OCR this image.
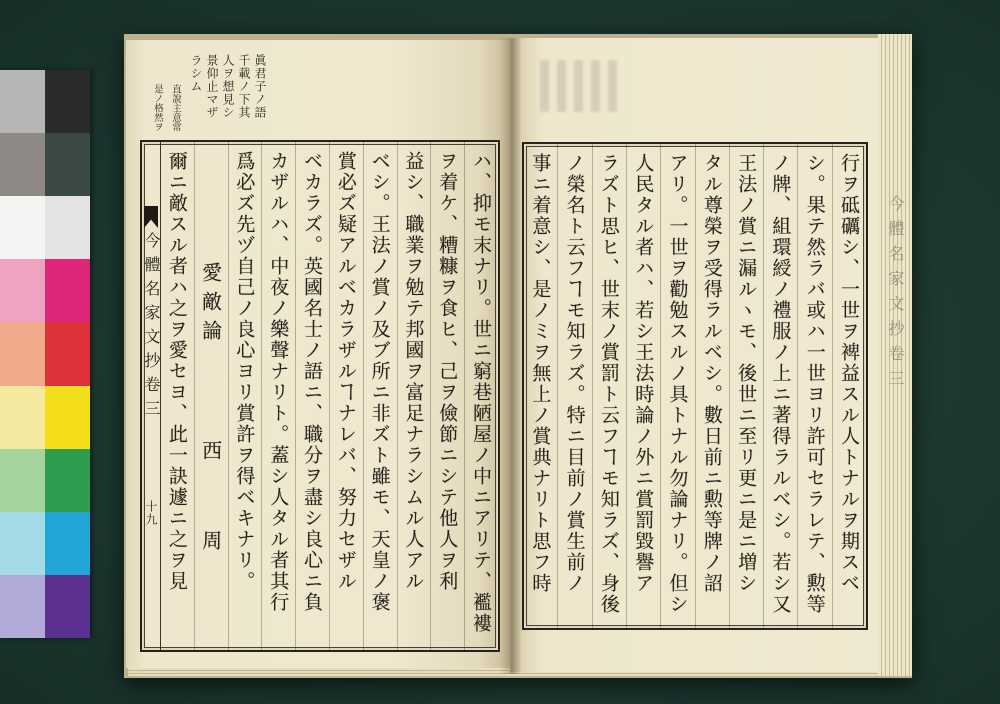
今體名家文抄卷三
眞君子ノ語
千載ノ下其
人ヲ想見シ
景仰止マザ
ラシム
直說主意常
是ノ格然ヲ
今體名家文抄卷三
十九	ハ、抑モ末ナリ。世ニ窮巷陋屋ノ中ニアリテ、襤褸
ヲ着ケ、糟糠ヲ食ヒ、己ヲ儉節ニシテ他人ヲ利
益シ、職業ヲ勉テ邦國ヲ富足ナラシムル人アル
ベシ。王法ノ賞ノ及ブ所ニ非ズト雖モ、天皇ノ褒
賞必ズ疑アルベカラザルヿナレバ、努力セザル
ベカラズ。英國名士ノ語ニ、職分ヲ盡シ良心ニ負
カザルハ、中夜ノ樂聲ナリト。蓋シ人タル者其行
爲必ズ先ヅ自己ノ良心ヨリ賞許ヲ得ベキナリ。
愛敵論
西
周
爾ニ敵スル者ハ之ヲ愛セヨ、此一訣遽ニ之ヲ見	行ヲ砥礪シ、一世ヲ裨益スル人トナルヲ期スベ
シ。果テ然ラバ或ハ一世ヨリ許可セラレテ、勲等
ノ牌、組環綬ノ禮服ノ上ニ著得ラルベシ。若シ又
王法ノ賞ニ漏ルヽモ、後世ニ至リ更ニ是ニ増シ
タル尊榮ヲ受得ラルベシ。數日前ニ勲等牌ノ詔
アリ。一世ヲ勸勉スルノ具トナル勿論ナリ。但シ
人民タル者ハ、若シ王法時論ノ外ニ賞罰毀譽ア
ラズト思ヒ、世末ノ賞罰ト云フヿモ知ラズ、身後
ノ榮名ト云フヿモ知ラズ。特ニ目前ノ賞生前ノ
事ニ着意シ、是ノミヲ無上ノ賞典ナリト思フ時
